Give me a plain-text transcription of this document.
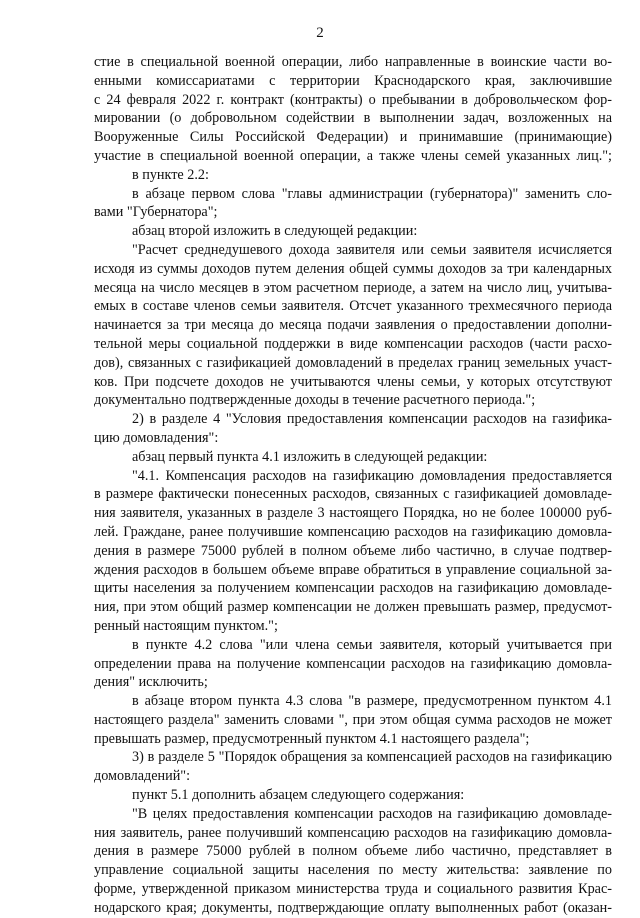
2
стие в специальной военной операции, либо направленные в воинские части во-
енными комиссариатами с территории Краснодарского края, заключившие
с 24 февраля 2022 г. контракт (контракты) о пребывании в добровольческом фор-
мировании (о добровольном содействии в выполнении задач, возложенных на
Вооруженные Силы Российской Федерации) и принимавшие (принимающие)
участие в специальной военной операции, а также члены семей указанных лиц.";
в пункте 2.2:
в абзаце первом слова "главы администрации (губернатора)" заменить сло-
вами "Губернатора";
абзац второй изложить в следующей редакции:
"Расчет среднедушевого дохода заявителя или семьи заявителя исчисляется
исходя из суммы доходов путем деления общей суммы доходов за три календарных
месяца на число месяцев в этом расчетном периоде, а затем на число лиц, учитыва-
емых в составе членов семьи заявителя. Отсчет указанного трехмесячного периода
начинается за три месяца до месяца подачи заявления о предоставлении дополни-
тельной меры социальной поддержки в виде компенсации расходов (части расхо-
дов), связанных с газификацией домовладений в пределах границ земельных участ-
ков. При подсчете доходов не учитываются члены семьи, у которых отсутствуют
документально подтвержденные доходы в течение расчетного периода.";
2) в разделе 4 "Условия предоставления компенсации расходов на газифика-
цию домовладения":
абзац первый пункта 4.1 изложить в следующей редакции:
"4.1. Компенсация расходов на газификацию домовладения предоставляется
в размере фактически понесенных расходов, связанных с газификацией домовладе-
ния заявителя, указанных в разделе 3 настоящего Порядка, но не более 100000 руб-
лей. Граждане, ранее получившие компенсацию расходов на газификацию домовла-
дения в размере 75000 рублей в полном объеме либо частично, в случае подтвер-
ждения расходов в большем объеме вправе обратиться в управление социальной за-
щиты населения за получением компенсации расходов на газификацию домовладе-
ния, при этом общий размер компенсации не должен превышать размер, предусмот-
ренный настоящим пунктом.";
в пункте 4.2 слова "или члена семьи заявителя, который учитывается при
определении права на получение компенсации расходов на газификацию домовла-
дения" исключить;
в абзаце втором пункта 4.3 слова "в размере, предусмотренном пунктом 4.1
настоящего раздела" заменить словами ", при этом общая сумма расходов не может
превышать размер, предусмотренный пунктом 4.1 настоящего раздела";
3) в разделе 5 "Порядок обращения за компенсацией расходов на газификацию
домовладений":
пункт 5.1 дополнить абзацем следующего содержания:
"В целях предоставления компенсации расходов на газификацию домовладе-
ния заявитель, ранее получивший компенсацию расходов на газификацию домовла-
дения в размере 75000 рублей в полном объеме либо частично, представляет в
управление социальной защиты населения по месту жительства: заявление по
форме, утвержденной приказом министерства труда и социального развития Крас-
нодарского края; документы, подтверждающие оплату выполненных работ (оказан-
